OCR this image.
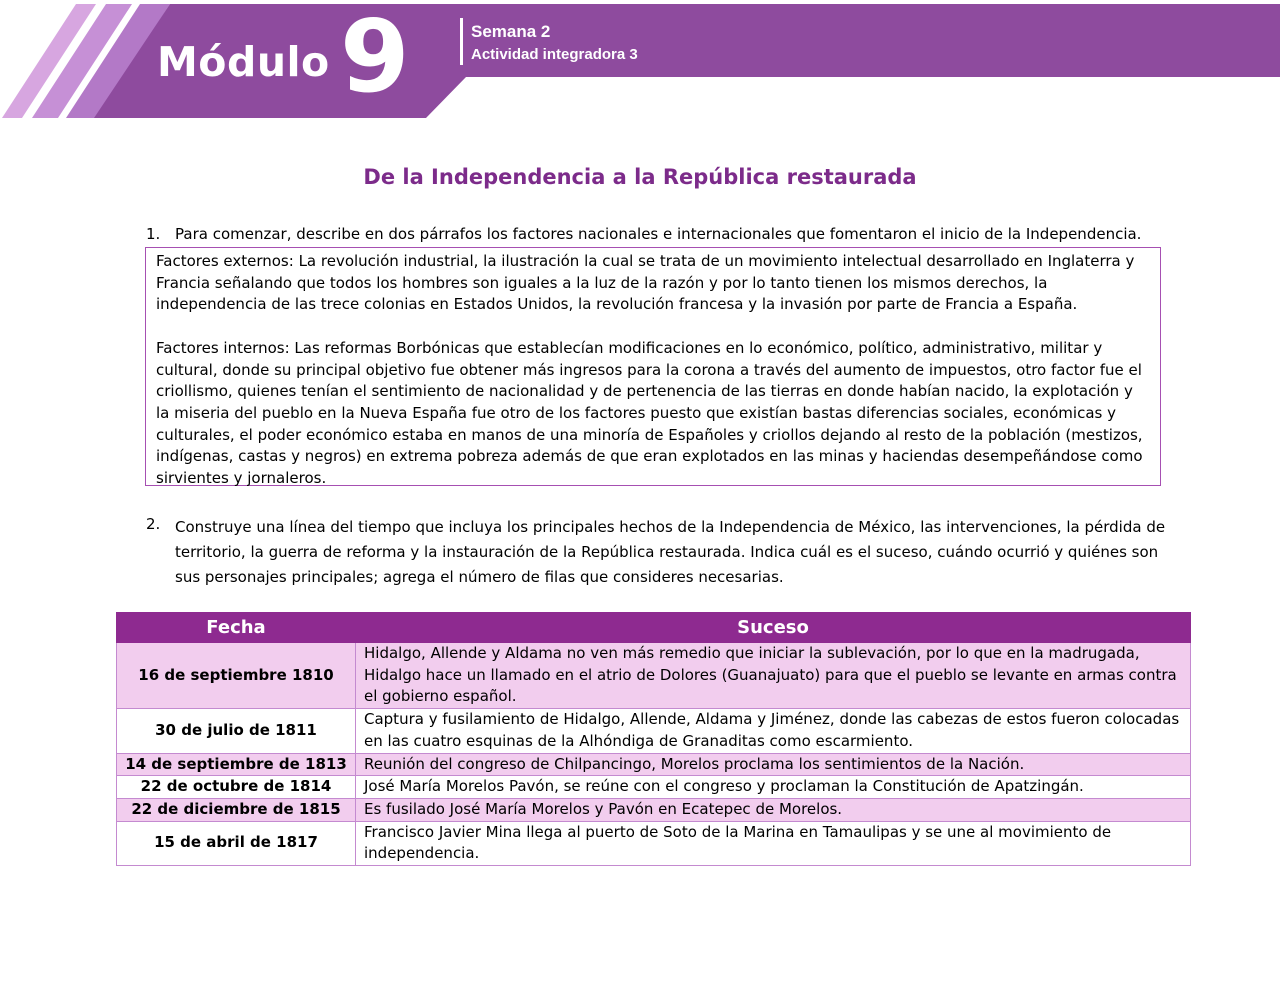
Módulo 9	Semana 2
Actividad integradora 3
De la Independencia a la República restaurada
1. Para comenzar, describe en dos párrafos los factores nacionales e internacionales que fomentaron el inicio de la Independencia.

Factores externos: La revolución industrial, la ilustración la cual se trata de un movimiento intelectual desarrollado en Inglaterra y Francia señalando que todos los hombres son iguales a la luz de la razón y por lo tanto tienen los mismos derechos, la independencia de las trece colonias en Estados Unidos, la revolución francesa y la invasión por parte de Francia a España.

Factores internos: Las reformas Borbónicas que establecían modificaciones en lo económico, político, administrativo, militar y cultural, donde su principal objetivo fue obtener más ingresos para la corona a través del aumento de impuestos, otro factor fue el criollismo, quienes tenían el sentimiento de nacionalidad y de pertenencia de las tierras en donde habían nacido, la explotación y la miseria del pueblo en la Nueva España fue otro de los factores puesto que existían bastas diferencias sociales, económicas y culturales, el poder económico estaba en manos de una minoría de Españoles y criollos dejando al resto de la población (mestizos, indígenas, castas y negros) en extrema pobreza además de que eran explotados en las minas y haciendas desempeñándose como sirvientes y jornaleros.

2. Construye una línea del tiempo que incluya los principales hechos de la Independencia de México, las intervenciones, la pérdida de territorio, la guerra de reforma y la instauración de la República restaurada. Indica cuál es el suceso, cuándo ocurrió y quiénes son sus personajes principales; agrega el número de filas que consideres necesarias.
Fecha	Suceso
16 de septiembre 1810	Hidalgo, Allende y Aldama no ven más remedio que iniciar la sublevación, por lo que en la madrugada, Hidalgo hace un llamado en el atrio de Dolores (Guanajuato) para que el pueblo se levante en armas contra el gobierno español.
30 de julio de 1811	Captura y fusilamiento de Hidalgo, Allende, Aldama y Jiménez, donde las cabezas de estos fueron colocadas en las cuatro esquinas de la Alhóndiga de Granaditas como escarmiento.
14 de septiembre de 1813	Reunión del congreso de Chilpancingo, Morelos proclama los sentimientos de la Nación.
22 de octubre de 1814	José María Morelos Pavón, se reúne con el congreso y proclaman la Constitución de Apatzingán.
22 de diciembre de 1815	Es fusilado José María Morelos y Pavón en Ecatepec de Morelos.
15 de abril de 1817	Francisco Javier Mina llega al puerto de Soto de la Marina en Tamaulipas y se une al movimiento de independencia.
